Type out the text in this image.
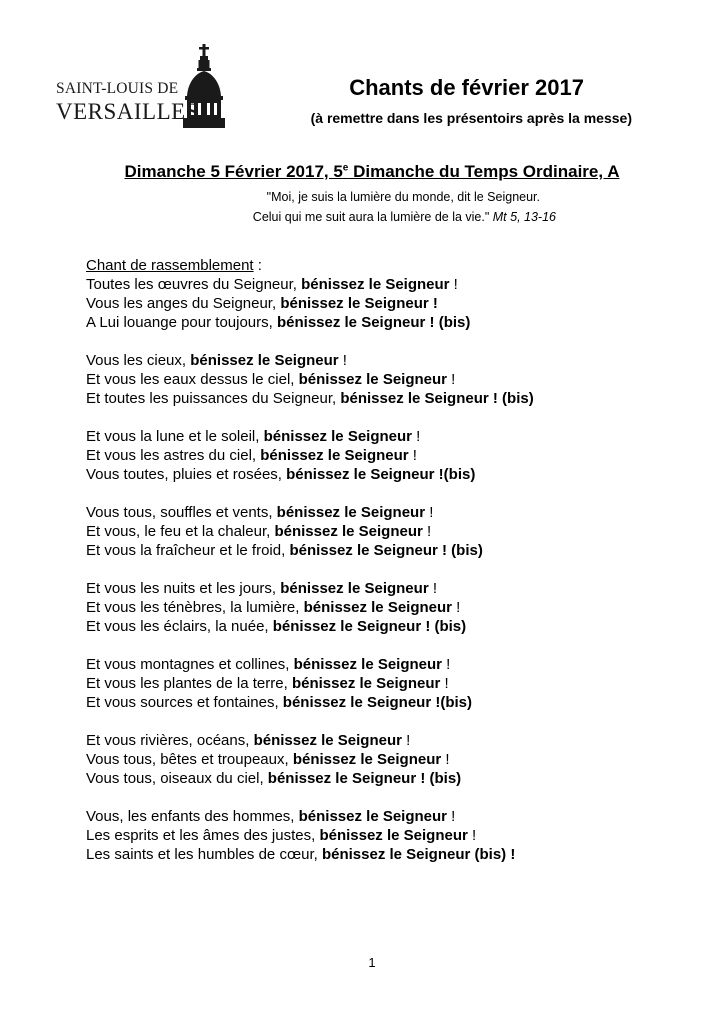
SAINT-LOUIS DE
VERSAILLES
Chants de février 2017
(à remettre dans les présentoirs après la messe)
Dimanche 5 Février 2017, 5e Dimanche du Temps Ordinaire, A
"Moi, je suis la lumière du monde, dit le Seigneur.
Celui qui me suit aura la lumière de la vie." Mt 5, 13-16
Chant de rassemblement :
Toutes les œuvres du Seigneur, bénissez le Seigneur !
Vous les anges du Seigneur, bénissez le Seigneur !
A Lui louange pour toujours, bénissez le Seigneur ! (bis)
Vous les cieux, bénissez le Seigneur !
Et vous les eaux dessus le ciel, bénissez le Seigneur !
Et toutes les puissances du Seigneur, bénissez le Seigneur ! (bis)
Et vous la lune et le soleil, bénissez le Seigneur !
Et vous les astres du ciel, bénissez le Seigneur !
Vous toutes, pluies et rosées, bénissez le Seigneur !(bis)
Vous tous, souffles et vents, bénissez le Seigneur !
Et vous, le feu et la chaleur, bénissez le Seigneur !
Et vous la fraîcheur et le froid, bénissez le Seigneur ! (bis)
Et vous les nuits et les jours, bénissez le Seigneur !
Et vous les ténèbres, la lumière, bénissez le Seigneur !
Et vous les éclairs, la nuée, bénissez le Seigneur ! (bis)
Et vous montagnes et collines, bénissez le Seigneur !
Et vous les plantes de la terre, bénissez le Seigneur !
Et vous sources et fontaines, bénissez le Seigneur !(bis)
Et vous rivières, océans, bénissez le Seigneur !
Vous tous, bêtes et troupeaux, bénissez le Seigneur !
Vous tous, oiseaux du ciel, bénissez le Seigneur ! (bis)
Vous, les enfants des hommes, bénissez le Seigneur !
Les esprits et les âmes des justes, bénissez le Seigneur !
Les saints et les humbles de cœur, bénissez le Seigneur (bis) !
1
